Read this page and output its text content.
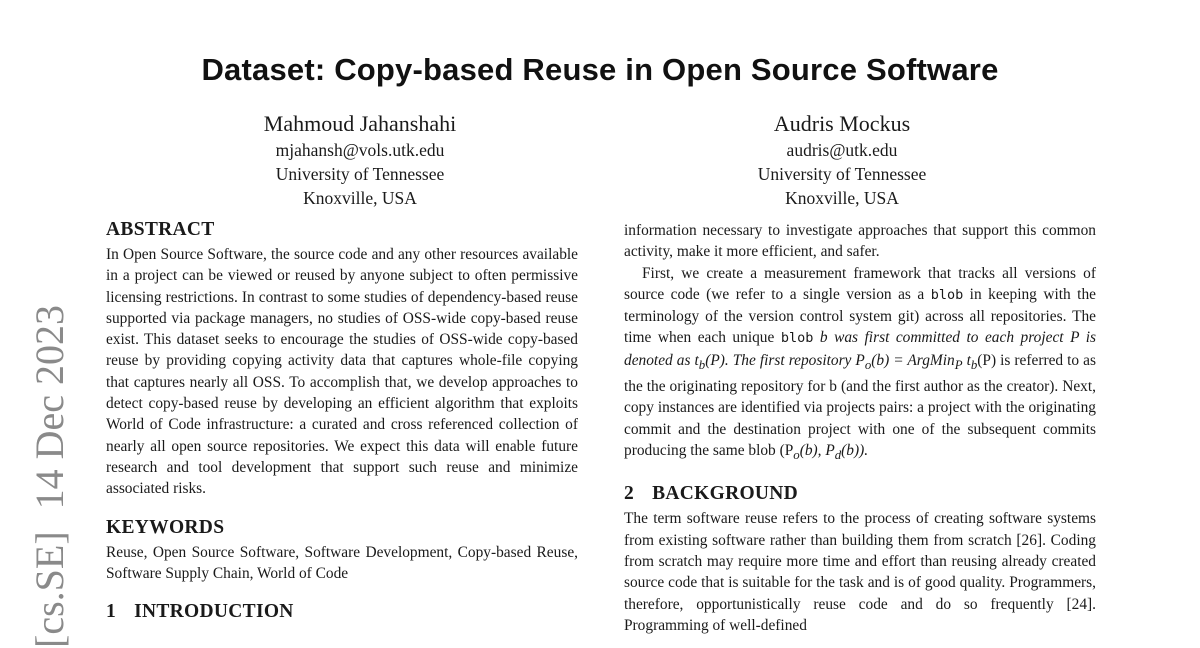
[cs.SE]14 Dec 2023
Dataset: Copy-based Reuse in Open Source Software
Mahmoud Jahanshahi
mjahansh@vols.utk.edu
University of Tennessee
Knoxville, USA
Audris Mockus
audris@utk.edu
University of Tennessee
Knoxville, USA
ABSTRACT

In Open Source Software, the source code and any other resources available in a project can be viewed or reused by anyone subject to often permissive licensing restrictions. In contrast to some studies of dependency-based reuse supported via package managers, no studies of OSS-wide copy-based reuse exist. This dataset seeks to encourage the studies of OSS-wide copy-based reuse by providing copying activity data that captures whole-file copying that captures nearly all OSS. To accomplish that, we develop approaches to detect copy-based reuse by developing an efficient algorithm that exploits World of Code infrastructure: a curated and cross referenced collection of nearly all open source repositories. We expect this data will enable future research and tool development that support such reuse and minimize associated risks.

KEYWORDS

Reuse, Open Source Software, Software Development, Copy-based Reuse, Software Supply Chain, World of Code

1 INTRODUCTION

information necessary to investigate approaches that support this common activity, make it more efficient, and safer.

First, we create a measurement framework that tracks all versions of source code (we refer to a single version as a blob in keeping with the terminology of the version control system git) across all repositories. The time when each unique blob b was first committed to each project P is denoted as $t_b(P)$. The first repository $P_o(b)$ = ArgMin$_P$ $t_b(P)$ is referred to as the the originating repository for b (and the first author as the creator). Next, copy instances are identified via projects pairs: a project with the originating commit and the destination project with one of the subsequent commits producing the same blob ($P_o(b)$, $P_d(b)$).

2 BACKGROUND

The term software reuse refers to the process of creating software systems from existing software rather than building them from scratch [26]. Coding from scratch may require more time and effort than reusing already created source code that is suitable for the task and is of good quality. Programmers, therefore, opportunistically reuse code and do so frequently [24]. Programming of well-defined
